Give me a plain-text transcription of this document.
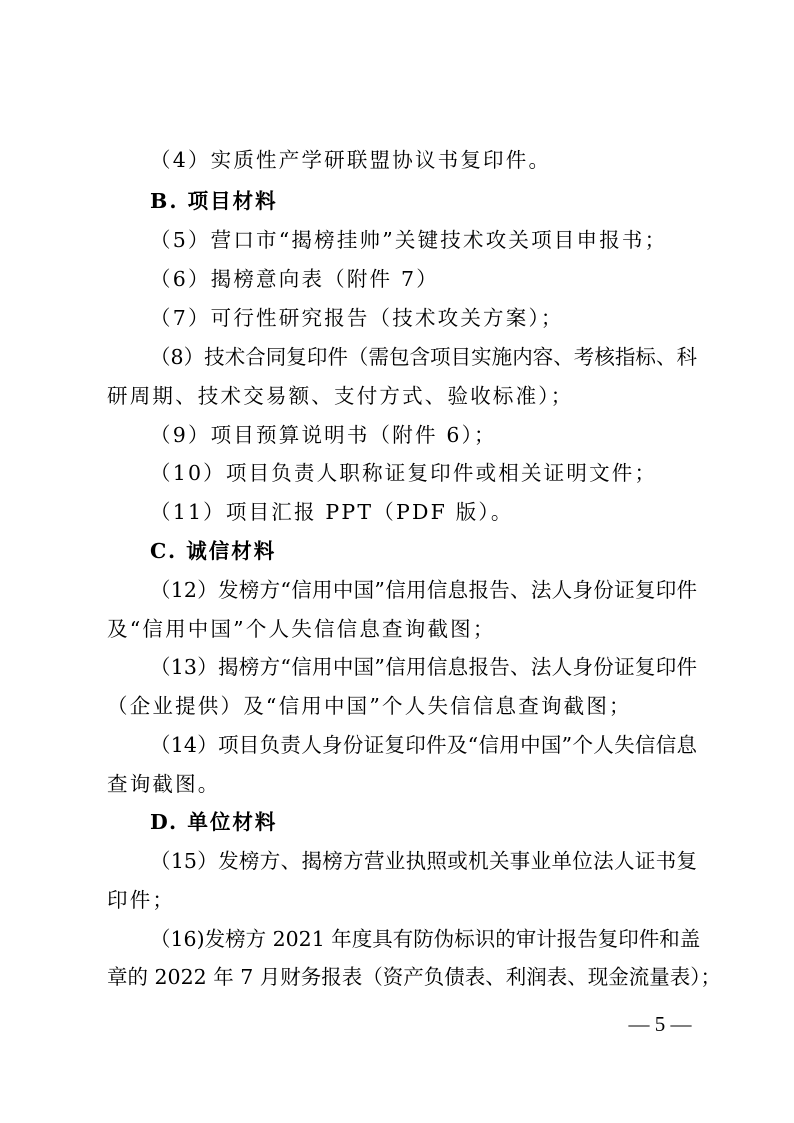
（4）实质性产学研联盟协议书复印件。
B. 项目材料
（5）营口市“揭榜挂帅”关键技术攻关项目申报书；
（6）揭榜意向表（附件 7）
（7）可行性研究报告（技术攻关方案）；
（8）技术合同复印件（需包含项目实施内容、考核指标、科
研周期、技术交易额、支付方式、验收标准）；
（9）项目预算说明书（附件 6）；
（10）项目负责人职称证复印件或相关证明文件；
（11）项目汇报 PPT（PDF 版）。
C. 诚信材料
（12）发榜方“信用中国”信用信息报告、法人身份证复印件
及“信用中国”个人失信信息查询截图；
（13）揭榜方“信用中国”信用信息报告、法人身份证复印件
（企业提供）及“信用中国”个人失信信息查询截图；
（14）项目负责人身份证复印件及“信用中国”个人失信信息
查询截图。
D. 单位材料
（15）发榜方、揭榜方营业执照或机关事业单位法人证书复
印件；
（16)发榜方 2021 年度具有防伪标识的审计报告复印件和盖
章的 2022 年 7 月财务报表（资产负债表、利润表、现金流量表）；
— 5 —
